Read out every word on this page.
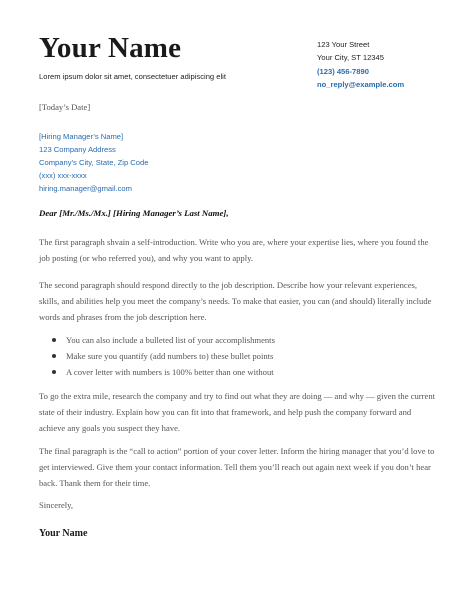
Your Name
Lorem ipsum dolor sit amet, consectetuer adipiscing elit
123 Your Street
Your City, ST 12345
(123) 456-7890
no_reply@example.com
[Today’s Date]
[Hiring Manager’s Name]
123 Company Address
Company’s City, State, Zip Code
(xxx) xxx-xxxx
hiring.manager@gmail.com
Dear [Mr./Ms./Mx.] [Hiring Manager’s Last Name],
The first paragraph shvain a self-introduction. Write who you are, where your expertise lies, where you found the job posting (or who referred you), and why you want to apply.
The second paragraph should respond directly to the job description. Describe how your relevant experiences, skills, and abilities help you meet the company’s needs. To make that easier, you can (and should) literally include words and phrases from the job description here.
You can also include a bulleted list of your accomplishments
Make sure you quantify (add numbers to) these bullet points
A cover letter with numbers is 100% better than one without
To go the extra mile, research the company and try to find out what they are doing — and why — given the current state of their industry. Explain how you can fit into that framework, and help push the company forward and achieve any goals you suspect they have.
The final paragraph is the “call to action” portion of your cover letter. Inform the hiring manager that you’d love to get interviewed. Give them your contact information. Tell them you’ll reach out again next week if you don’t hear back. Thank them for their time.
Sincerely,
Your Name
